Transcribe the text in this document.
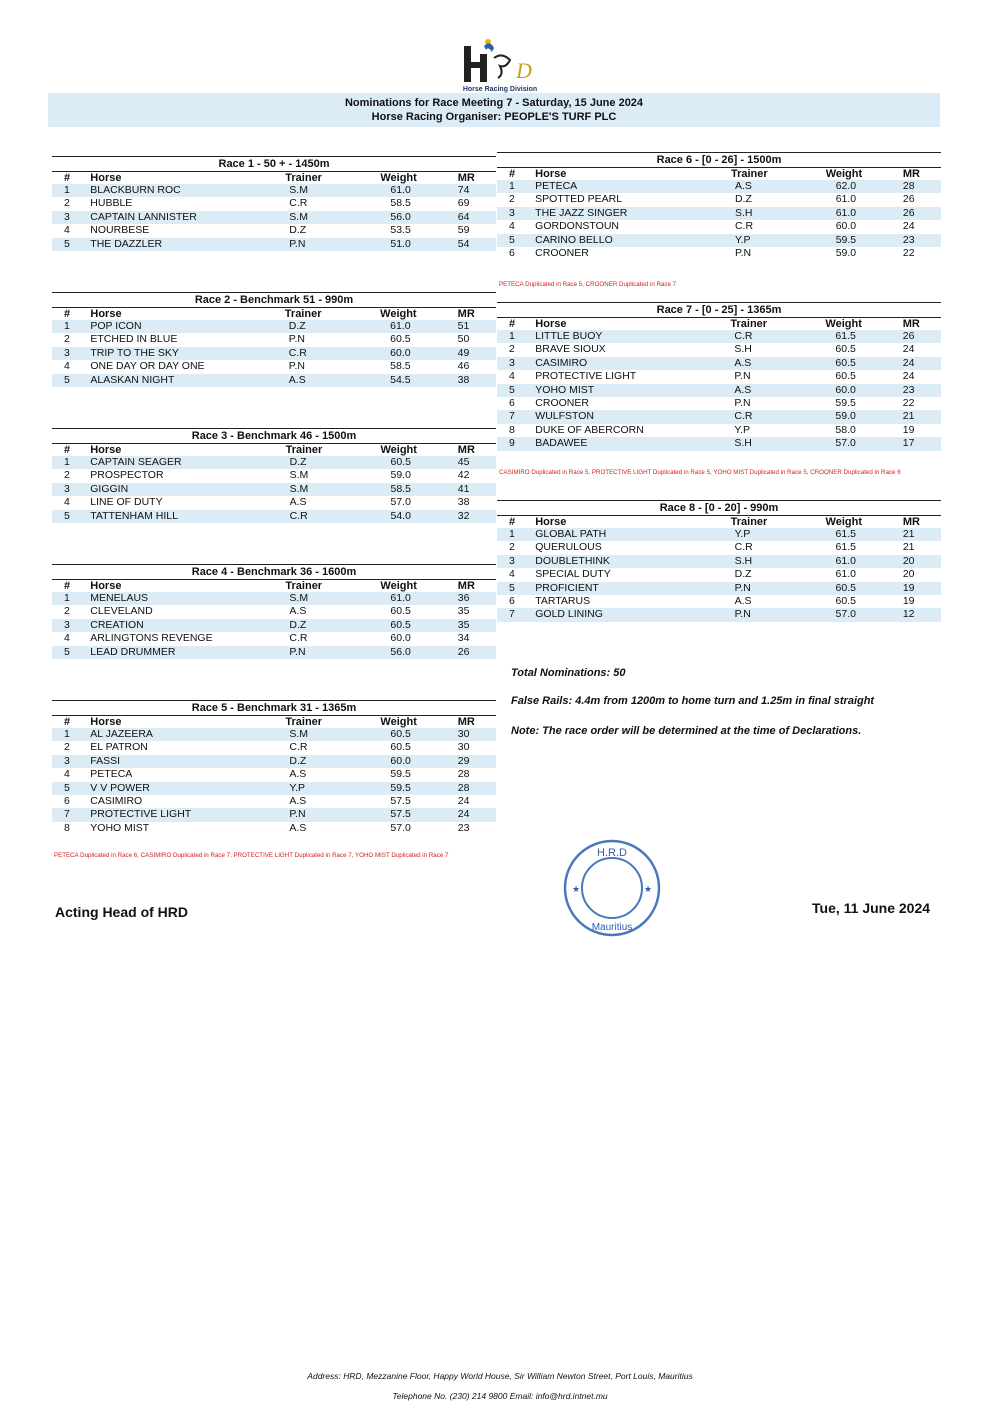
D
Horse Racing Division
Nominations for Race Meeting 7 - Saturday, 15 June 2024
Horse Racing Organiser: PEOPLE'S TURF PLC
Race 1 - 50 + - 1450m
#	Horse	Trainer	Weight	MR
1	BLACKBURN ROC	S.M	61.0	74
2	HUBBLE	C.R	58.5	69
3	CAPTAIN LANNISTER	S.M	56.0	64
4	NOURBESE	D.Z	53.5	59
5	THE DAZZLER	P.N	51.0	54
Race 2 - Benchmark 51 - 990m
#	Horse	Trainer	Weight	MR
1	POP ICON	D.Z	61.0	51
2	ETCHED IN BLUE	P.N	60.5	50
3	TRIP TO THE SKY	C.R	60.0	49
4	ONE DAY OR DAY ONE	P.N	58.5	46
5	ALASKAN NIGHT	A.S	54.5	38
Race 3 - Benchmark 46 - 1500m
#	Horse	Trainer	Weight	MR
1	CAPTAIN SEAGER	D.Z	60.5	45
2	PROSPECTOR	S.M	59.0	42
3	GIGGIN	S.M	58.5	41
4	LINE OF DUTY	A.S	57.0	38
5	TATTENHAM HILL	C.R	54.0	32
Race 4 - Benchmark 36 - 1600m
#	Horse	Trainer	Weight	MR
1	MENELAUS	S.M	61.0	36
2	CLEVELAND	A.S	60.5	35
3	CREATION	D.Z	60.5	35
4	ARLINGTONS REVENGE	C.R	60.0	34
5	LEAD DRUMMER	P.N	56.0	26
Race 5 - Benchmark 31 - 1365m
#	Horse	Trainer	Weight	MR
1	AL JAZEERA	S.M	60.5	30
2	EL PATRON	C.R	60.5	30
3	FASSI	D.Z	60.0	29
4	PETECA	A.S	59.5	28
5	V V POWER	Y.P	59.5	28
6	CASIMIRO	A.S	57.5	24
7	PROTECTIVE LIGHT	P.N	57.5	24
8	YOHO MIST	A.S	57.0	23
Race 6 - [0 - 26] - 1500m
#	Horse	Trainer	Weight	MR
1	PETECA	A.S	62.0	28
2	SPOTTED PEARL	D.Z	61.0	26
3	THE JAZZ SINGER	S.H	61.0	26
4	GORDONSTOUN	C.R	60.0	24
5	CARINO BELLO	Y.P	59.5	23
6	CROONER	P.N	59.0	22
Race 7 - [0 - 25] - 1365m
#	Horse	Trainer	Weight	MR
1	LITTLE BUOY	C.R	61.5	26
2	BRAVE SIOUX	S.H	60.5	24
3	CASIMIRO	A.S	60.5	24
4	PROTECTIVE LIGHT	P.N	60.5	24
5	YOHO MIST	A.S	60.0	23
6	CROONER	P.N	59.5	22
7	WULFSTON	C.R	59.0	21
8	DUKE OF ABERCORN	Y.P	58.0	19
9	BADAWEE	S.H	57.0	17
Race 8 - [0 - 20] - 990m
#	Horse	Trainer	Weight	MR
1	GLOBAL PATH	Y.P	61.5	21
2	QUERULOUS	C.R	61.5	21
3	DOUBLETHINK	S.H	61.0	20
4	SPECIAL DUTY	D.Z	61.0	20
5	PROFICIENT	P.N	60.5	19
6	TARTARUS	A.S	60.5	19
7	GOLD LINING	P.N	57.0	12
PETECA Duplicated in Race 6, CASIMIRO Duplicated in Race 7, PROTECTIVE LIGHT Duplicated in Race 7, YOHO MIST Duplicated in Race 7
PETECA Duplicated in Race 5, CROONER Duplicated in Race 7
CASIMIRO Duplicated in Race 5, PROTECTIVE LIGHT Duplicated in Race 5, YOHO MIST Duplicated in Race 5, CROONER Duplicated in Race 6
Total Nominations: 50
False Rails: 4.4m from 1200m to home turn and 1.25m in final straight
Note: The race order will be determined at the time of Declarations.
H.R.D
Mauritius
★	★
Acting Head of HRD	Tue, 11 June 2024
Address: HRD, Mezzanine Floor, Happy World House, Sir William Newton Street, Port Louis, Mauritius
Telephone No. (230) 214 9800 Email: info@hrd.intnet.mu
